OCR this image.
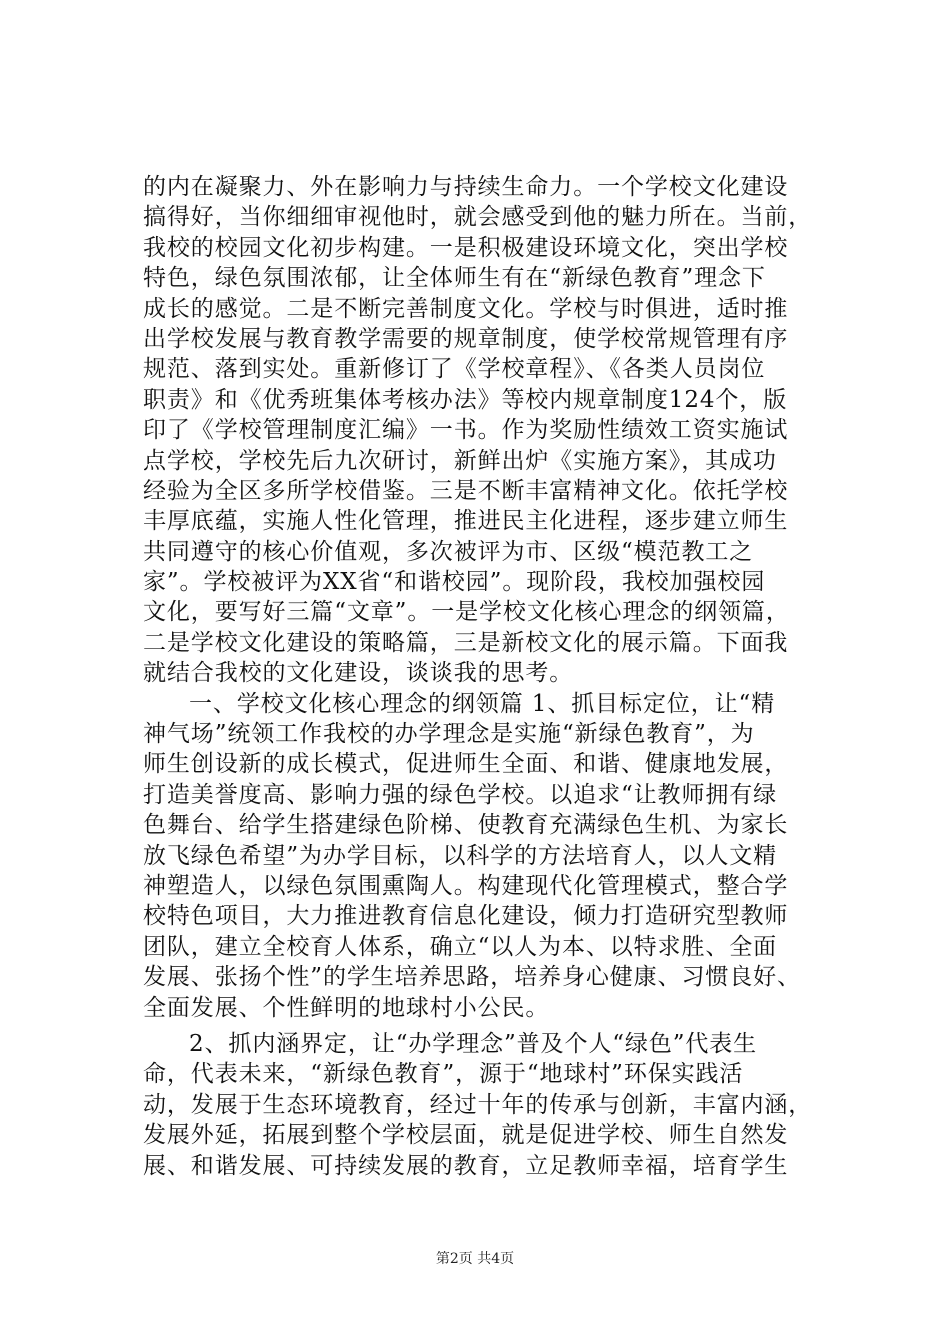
的内在凝聚力、外在影响力与持续生命力。一个学校文化建设
搞得好，当你细细审视他时，就会感受到他的魅力所在。当前，
我校的校园文化初步构建。一是积极建设环境文化，突出学校
特色，绿色氛围浓郁，让全体师生有在“新绿色教育”理念下
成长的感觉。二是不断完善制度文化。学校与时俱进，适时推
出学校发展与教育教学需要的规章制度，使学校常规管理有序
规范、落到实处。重新修订了《学校章程》、《各类人员岗位
职责》和《优秀班集体考核办法》等校内规章制度124个，版
印了《学校管理制度汇编》一书。作为奖励性绩效工资实施试
点学校，学校先后九次研讨，新鲜出炉《实施方案》，其成功
经验为全区多所学校借鉴。三是不断丰富精神文化。依托学校
丰厚底蕴，实施人性化管理，推进民主化进程，逐步建立师生
共同遵守的核心价值观，多次被评为市、区级“模范教工之
家”。学校被评为XX省“和谐校园”。现阶段，我校加强校园
文化，要写好三篇“文章”。一是学校文化核心理念的纲领篇，
二是学校文化建设的策略篇，三是新校文化的展示篇。下面我
就结合我校的文化建设，谈谈我的思考。
一、学校文化核心理念的纲领篇 1、抓目标定位，让“精
神气场”统领工作我校的办学理念是实施“新绿色教育”，为
师生创设新的成长模式，促进师生全面、和谐、健康地发展，
打造美誉度高、影响力强的绿色学校。以追求“让教师拥有绿
色舞台、给学生搭建绿色阶梯、使教育充满绿色生机、为家长
放飞绿色希望”为办学目标，以科学的方法培育人，以人文精
神塑造人，以绿色氛围熏陶人。构建现代化管理模式，整合学
校特色项目，大力推进教育信息化建设，倾力打造研究型教师
团队，建立全校育人体系，确立“以人为本、以特求胜、全面
发展、张扬个性”的学生培养思路，培养身心健康、习惯良好、
全面发展、个性鲜明的地球村小公民。
2、抓内涵界定，让“办学理念”普及个人“绿色”代表生
命，代表未来，“新绿色教育”，源于“地球村”环保实践活
动，发展于生态环境教育，经过十年的传承与创新，丰富内涵，
发展外延，拓展到整个学校层面，就是促进学校、师生自然发
展、和谐发展、可持续发展的教育，立足教师幸福，培育学生
第2页 共4页
